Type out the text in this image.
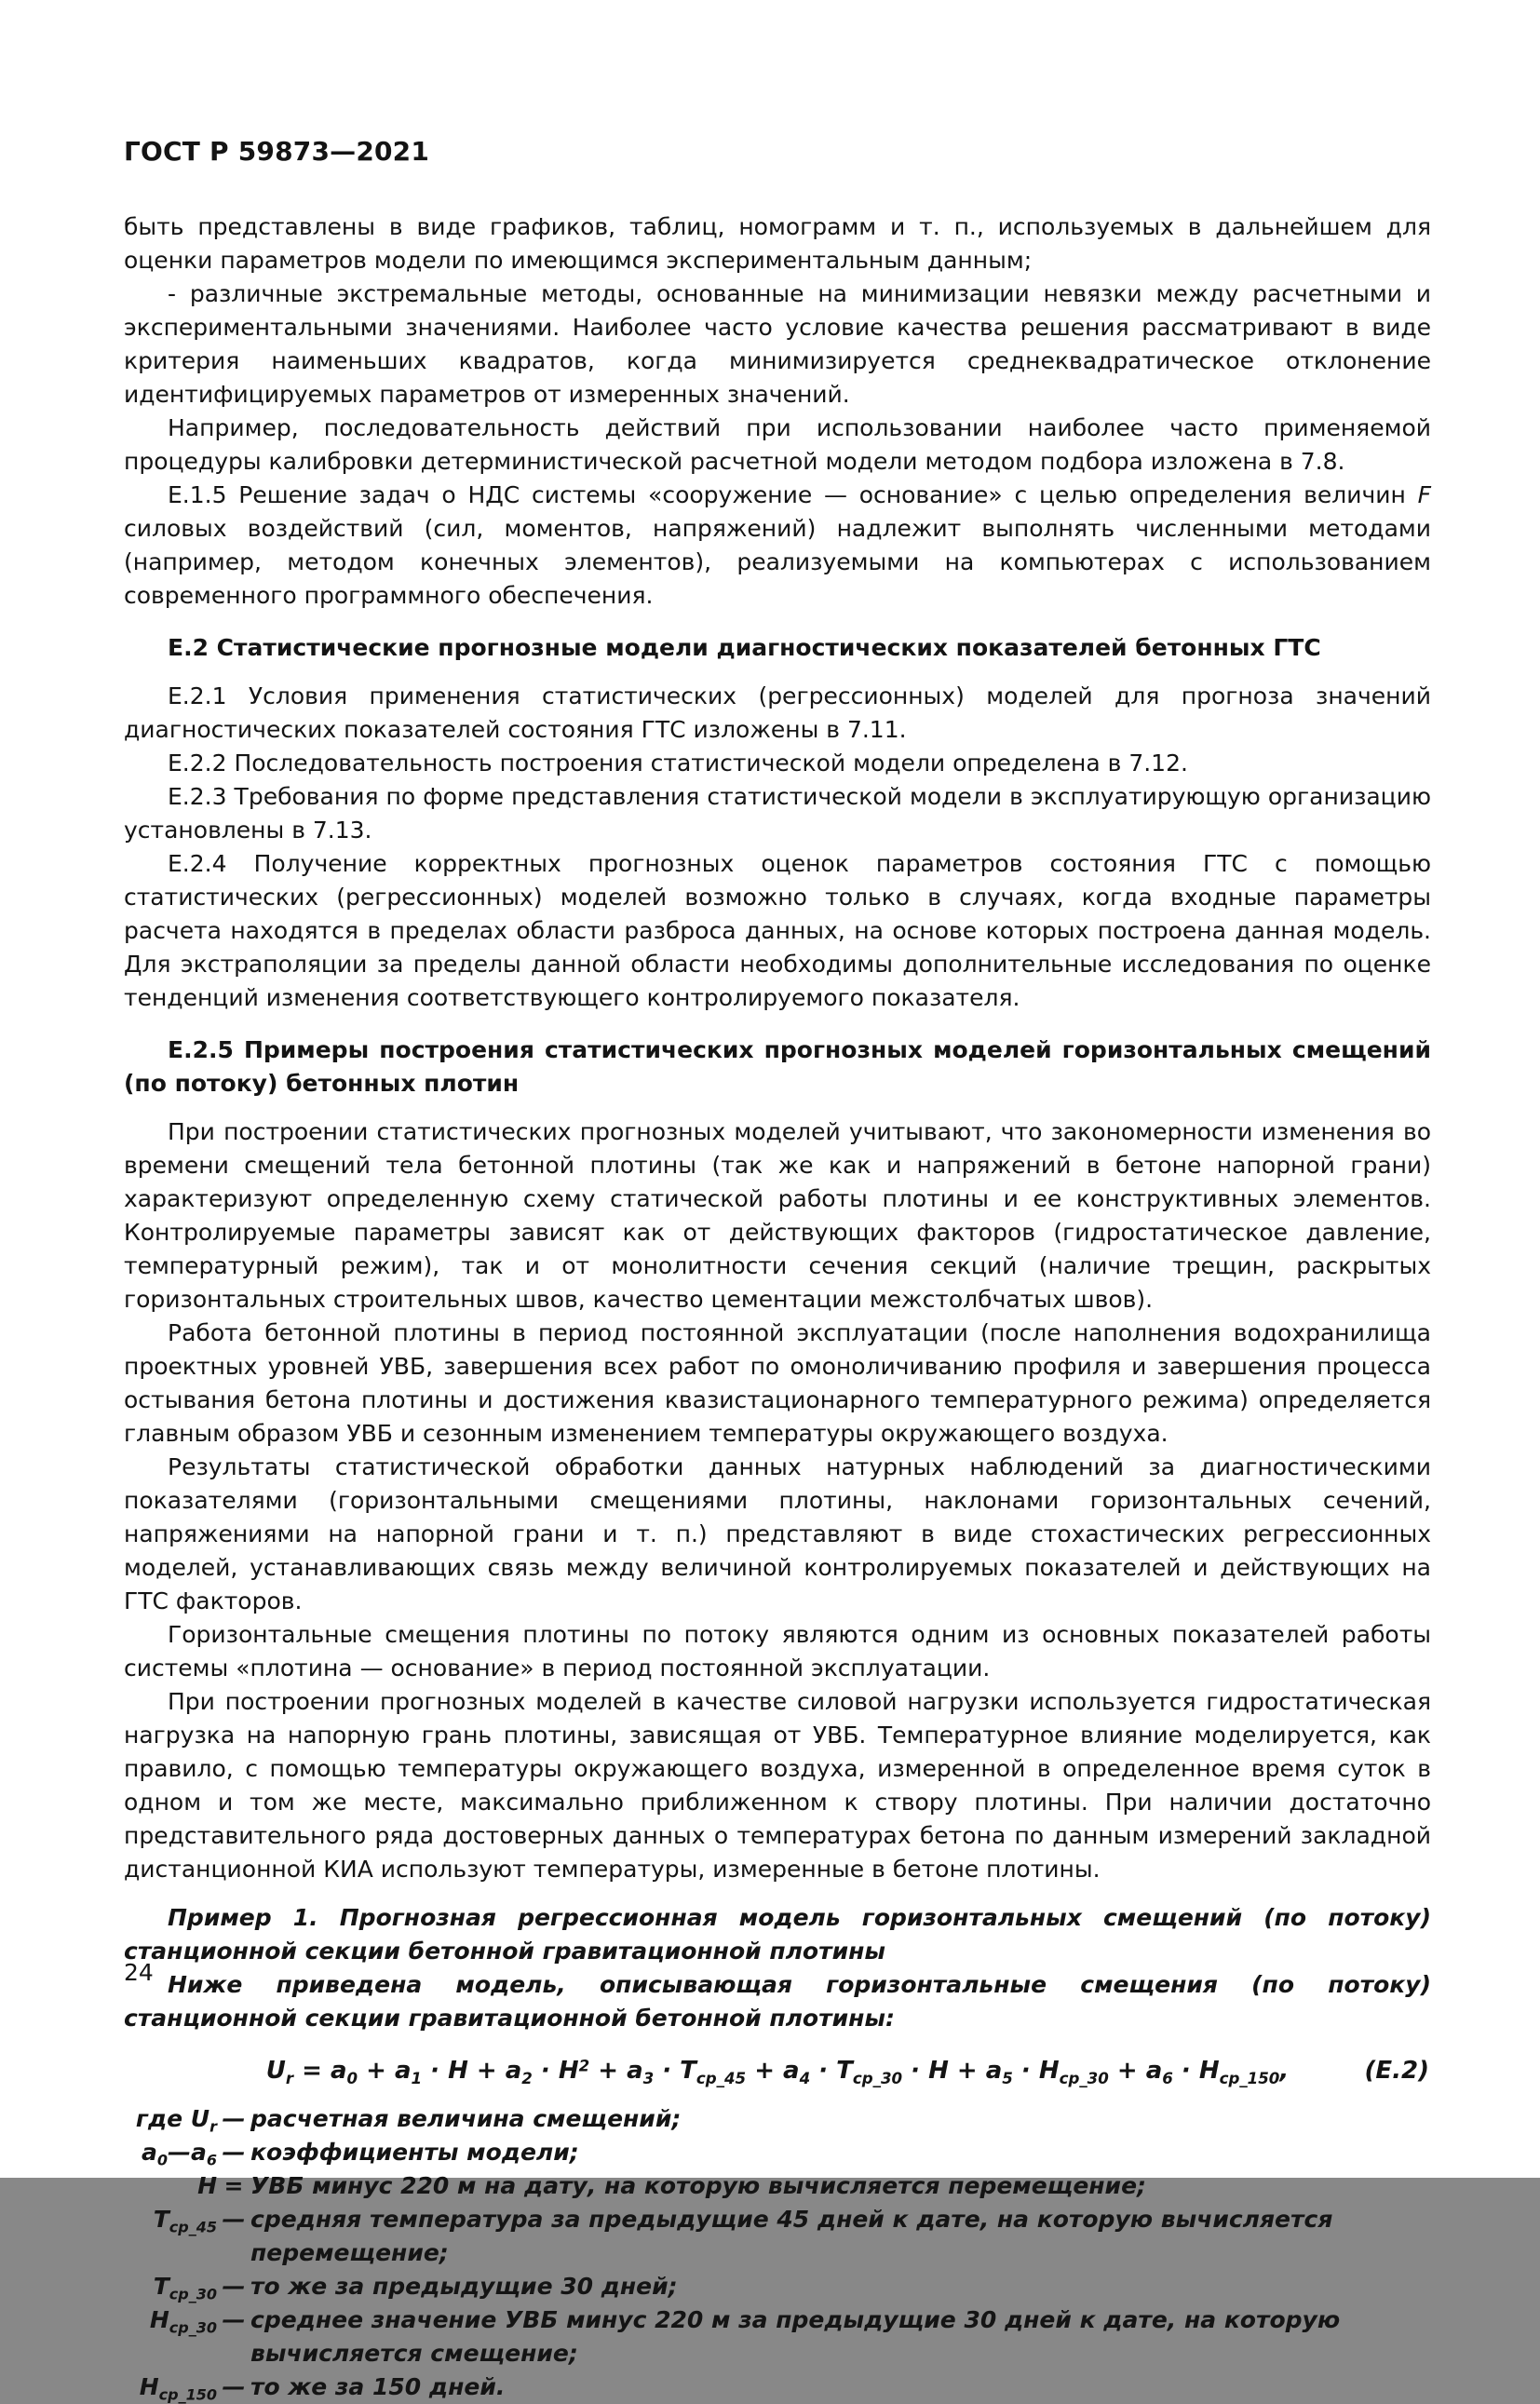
ГОСТ Р 59873—2021
быть представлены в виде графиков, таблиц, номограмм и т. п., используемых в дальнейшем для оценки параметров модели по имеющимся экспериментальным данным;
- различные экстремальные методы, основанные на минимизации невязки между расчетными и экспериментальными значениями. Наиболее часто условие качества решения рассматривают в виде критерия наименьших квадратов, когда минимизируется среднеквадратическое отклонение идентифицируемых параметров от измеренных значений.
Например, последовательность действий при использовании наиболее часто применяемой процедуры калибровки детерминистической расчетной модели методом подбора изложена в 7.8.
Е.1.5 Решение задач о НДС системы «сооружение — основание» с целью определения величин F силовых воздействий (сил, моментов, напряжений) надлежит выполнять численными методами (например, методом конечных элементов), реализуемыми на компьютерах с использованием современного программного обеспечения.
Е.2 Статистические прогнозные модели диагностических показателей бетонных ГТС
Е.2.1 Условия применения статистических (регрессионных) моделей для прогноза значений диагностических показателей состояния ГТС изложены в 7.11.
Е.2.2 Последовательность построения статистической модели определена в 7.12.
Е.2.3 Требования по форме представления статистической модели в эксплуатирующую организацию установлены в 7.13.
Е.2.4 Получение корректных прогнозных оценок параметров состояния ГТС с помощью статистических (регрессионных) моделей возможно только в случаях, когда входные параметры расчета находятся в пределах области разброса данных, на основе которых построена данная модель. Для экстраполяции за пределы данной области необходимы дополнительные исследования по оценке тенденций изменения соответствующего контролируемого показателя.
Е.2.5 Примеры построения статистических прогнозных моделей горизонтальных смещений (по потоку) бетонных плотин
При построении статистических прогнозных моделей учитывают, что закономерности изменения во времени смещений тела бетонной плотины (так же как и напряжений в бетоне напорной грани) характеризуют определенную схему статической работы плотины и ее конструктивных элементов. Контролируемые параметры зависят как от действующих факторов (гидростатическое давление, температурный режим), так и от монолитности сечения секций (наличие трещин, раскрытых горизонтальных строительных швов, качество цементации межстолбчатых швов).
Работа бетонной плотины в период постоянной эксплуатации (после наполнения водохранилища проектных уровней УВБ, завершения всех работ по омоноличиванию профиля и завершения процесса остывания бетона плотины и достижения квазистационарного температурного режима) определяется главным образом УВБ и сезонным изменением температуры окружающего воздуха.
Результаты статистической обработки данных натурных наблюдений за диагностическими показателями (горизонтальными смещениями плотины, наклонами горизонтальных сечений, напряжениями на напорной грани и т. п.) представляют в виде стохастических регрессионных моделей, устанавливающих связь между величиной контролируемых показателей и действующих на ГТС факторов.
Горизонтальные смещения плотины по потоку являются одним из основных показателей работы системы «плотина — основание» в период постоянной эксплуатации.
При построении прогнозных моделей в качестве силовой нагрузки используется гидростатическая нагрузка на напорную грань плотины, зависящая от УВБ. Температурное влияние моделируется, как правило, с помощью температуры окружающего воздуха, измеренной в определенное время суток в одном и том же месте, максимально приближенном к створу плотины. При наличии достаточно представительного ряда достоверных данных о температурах бетона по данным измерений закладной дистанционной КИА используют температуры, измеренные в бетоне плотины.
Пример 1. Прогнозная регрессионная модель горизонтальных смещений (по потоку) станционной секции бетонной гравитационной плотины
Ниже приведена модель, описывающая горизонтальные смещения (по потоку) станционной секции гравитационной бетонной плотины:
$U_r = a_0 + a_1 \cdot H + a_2 \cdot H^2 + a_3 \cdot T_{ср\_45} + a_4 \cdot T_{ср\_30} \cdot H + a_5 \cdot H_{ср\_30} + a_6 \cdot H_{ср\_150}$,	(Е.2)
где $U_r$ — расчетная величина смещений;
$a_0—a_6$ — коэффициенты модели;
H = УВБ минус 220 м на дату, на которую вычисляется перемещение;
$T_{ср\_45}$ — средняя температура за предыдущие 45 дней к дате, на которую вычисляется перемещение;
$T_{ср\_30}$ — то же за предыдущие 30 дней;
$H_{ср\_30}$ — среднее значение УВБ минус 220 м за предыдущие 30 дней к дате, на которую вычисляется смещение;
$H_{ср\_150}$ — то же за 150 дней.
24
